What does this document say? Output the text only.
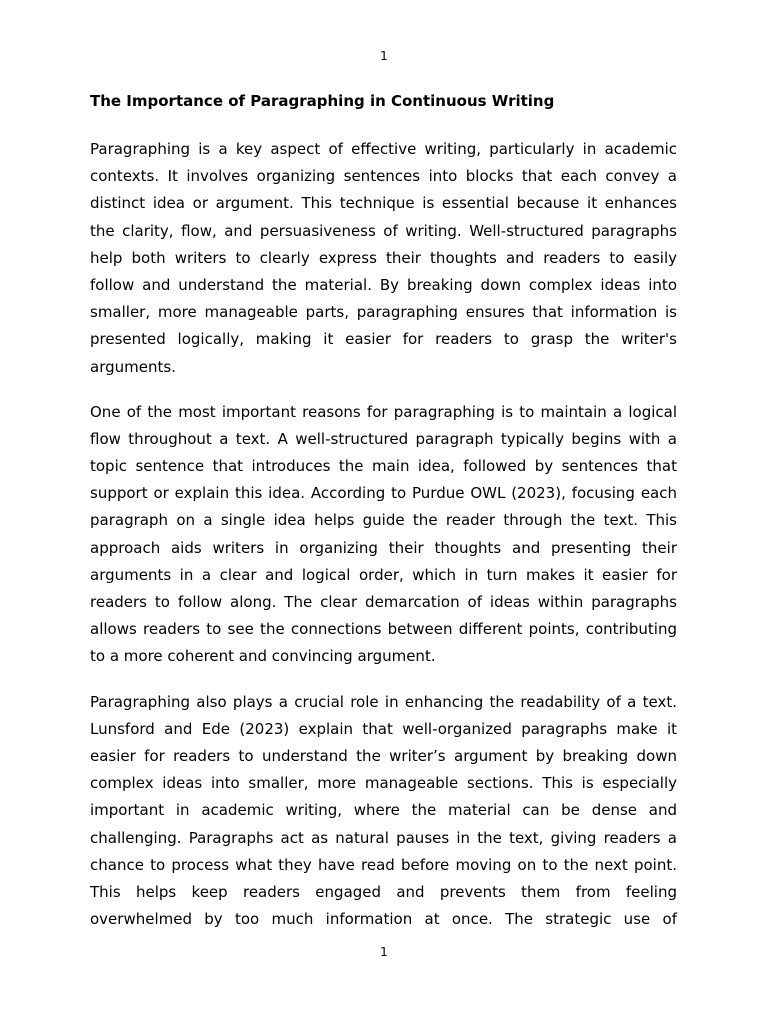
1
The Importance of Paragraphing in Continuous Writing
Paragraphing is a key aspect of effective writing, particularly in academic
contexts. It involves organizing sentences into blocks that each convey a
distinct idea or argument. This technique is essential because it enhances
the clarity, flow, and persuasiveness of writing. Well-structured paragraphs
help both writers to clearly express their thoughts and readers to easily
follow and understand the material. By breaking down complex ideas into
smaller, more manageable parts, paragraphing ensures that information is
presented logically, making it easier for readers to grasp the writer's
arguments.
One of the most important reasons for paragraphing is to maintain a logical
flow throughout a text. A well-structured paragraph typically begins with a
topic sentence that introduces the main idea, followed by sentences that
support or explain this idea. According to Purdue OWL (2023), focusing each
paragraph on a single idea helps guide the reader through the text. This
approach aids writers in organizing their thoughts and presenting their
arguments in a clear and logical order, which in turn makes it easier for
readers to follow along. The clear demarcation of ideas within paragraphs
allows readers to see the connections between different points, contributing
to a more coherent and convincing argument.
Paragraphing also plays a crucial role in enhancing the readability of a text.
Lunsford and Ede (2023) explain that well-organized paragraphs make it
easier for readers to understand the writer’s argument by breaking down
complex ideas into smaller, more manageable sections. This is especially
important in academic writing, where the material can be dense and
challenging. Paragraphs act as natural pauses in the text, giving readers a
chance to process what they have read before moving on to the next point.
This helps keep readers engaged and prevents them from feeling
overwhelmed by too much information at once. The strategic use of
1
